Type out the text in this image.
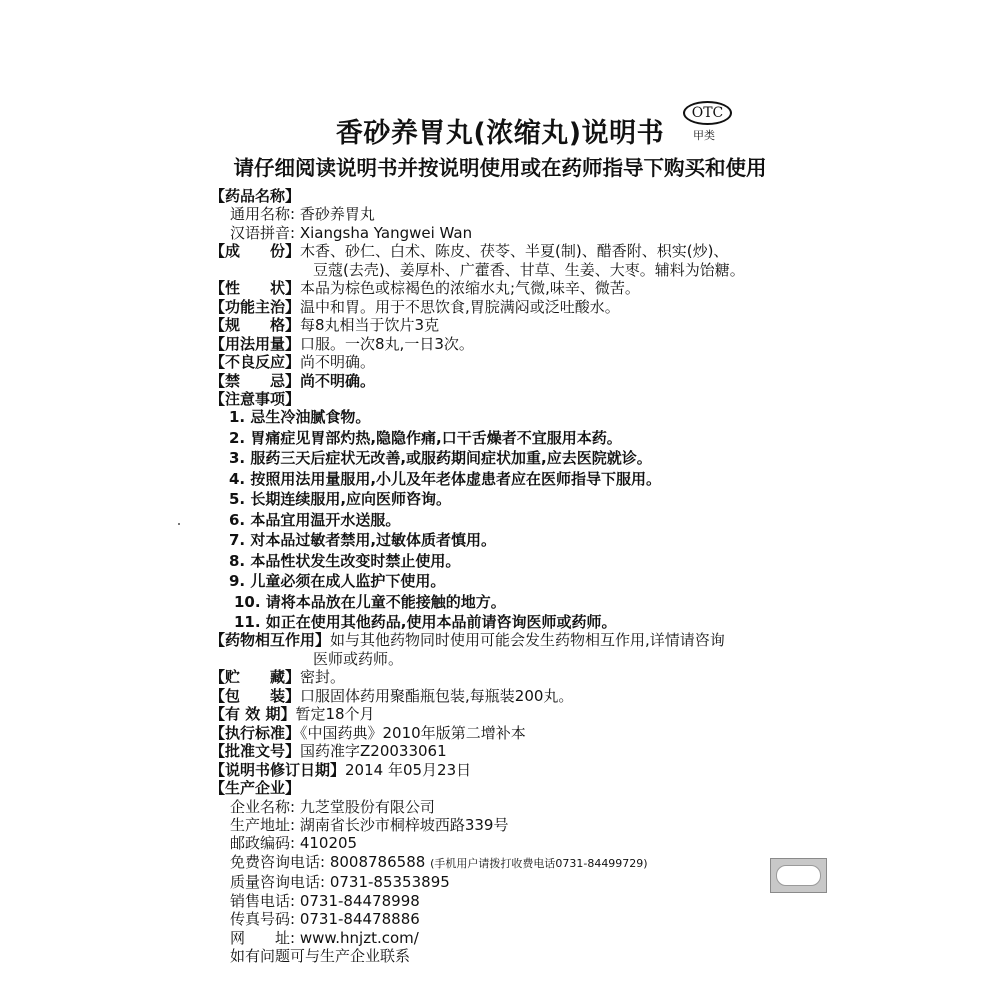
香砂养胃丸(浓缩丸)说明书
OTC
甲类
请仔细阅读说明书并按说明使用或在药师指导下购买和使用
【药品名称】
通用名称: 香砂养胃丸
汉语拼音: Xiangsha Yangwei Wan
【成　　份】木香、砂仁、白术、陈皮、茯苓、半夏(制)、醋香附、枳实(炒)、
豆蔻(去壳)、姜厚朴、广藿香、甘草、生姜、大枣。辅料为饴糖。
【性　　状】本品为棕色或棕褐色的浓缩水丸;气微,味辛、微苦。
【功能主治】温中和胃。用于不思饮食,胃脘满闷或泛吐酸水。
【规　　格】每8丸相当于饮片3克
【用法用量】口服。一次8丸,一日3次。
【不良反应】尚不明确。
【禁　　忌】尚不明确。
【注意事项】
1. 忌生冷油腻食物。
2. 胃痛症见胃部灼热,隐隐作痛,口干舌燥者不宜服用本药。
3. 服药三天后症状无改善,或服药期间症状加重,应去医院就诊。
4. 按照用法用量服用,小儿及年老体虚患者应在医师指导下服用。
5. 长期连续服用,应向医师咨询。
6. 本品宜用温开水送服。
7. 对本品过敏者禁用,过敏体质者慎用。
8. 本品性状发生改变时禁止使用。
9. 儿童必须在成人监护下使用。
10. 请将本品放在儿童不能接触的地方。
11. 如正在使用其他药品,使用本品前请咨询医师或药师。
【药物相互作用】如与其他药物同时使用可能会发生药物相互作用,详情请咨询
医师或药师。
【贮　　藏】密封。
【包　　装】口服固体药用聚酯瓶包装,每瓶装200丸。
【有 效 期】暂定18个月
【执行标准】《中国药典》2010年版第二增补本
【批准文号】国药准字Z20033061
【说明书修订日期】2014 年05月23日
【生产企业】
企业名称: 九芝堂股份有限公司
生产地址: 湖南省长沙市桐梓坡西路339号
邮政编码: 410205
免费咨询电话: 8008786588 (手机用户请拨打收费电话0731-84499729)
质量咨询电话: 0731-85353895
销售电话: 0731-84478998
传真号码: 0731-84478886
网　　址: www.hnjzt.com/
如有问题可与生产企业联系
